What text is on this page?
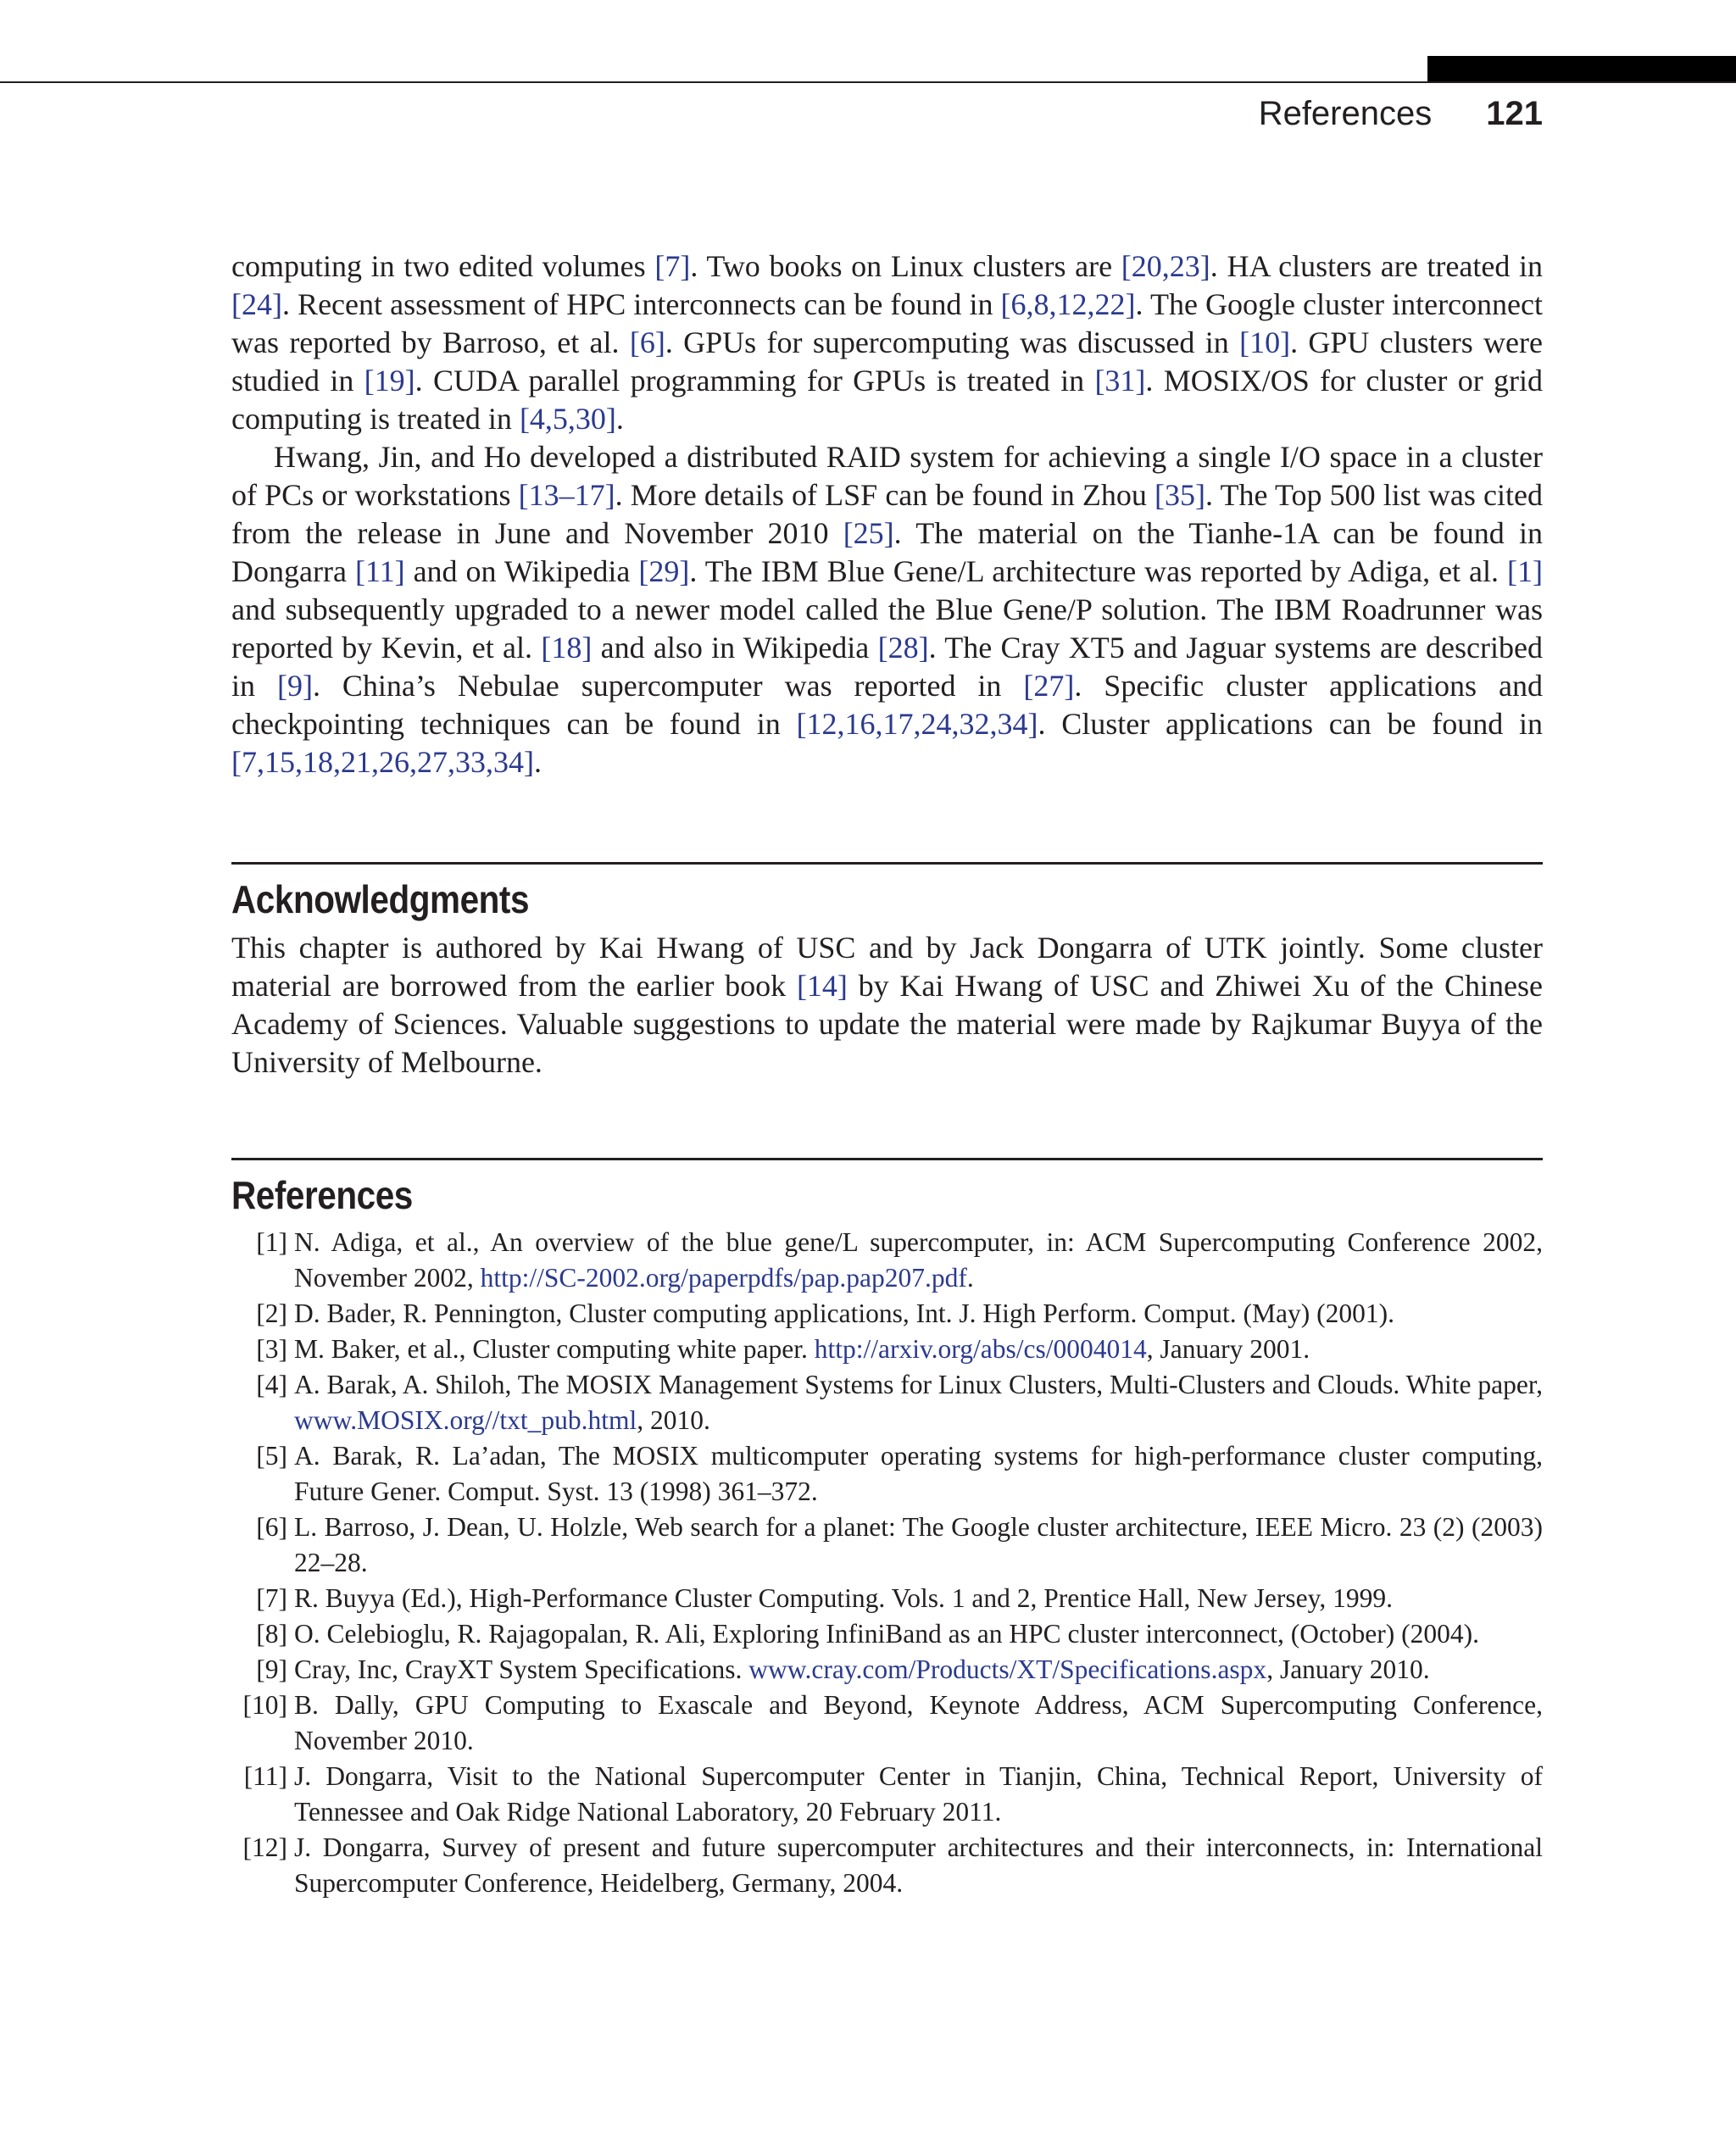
References 121

computing in two edited volumes [7]. Two books on Linux clusters are [20,23]. HA clusters are treated in [24]. Recent assessment of HPC interconnects can be found in [6,8,12,22]. The Google cluster interconnect was reported by Barroso, et al. [6]. GPUs for supercomputing was discussed in [10]. GPU clusters were studied in [19]. CUDA parallel programming for GPUs is treated in [31]. MOSIX/OS for cluster or grid computing is treated in [4,5,30].

Hwang, Jin, and Ho developed a distributed RAID system for achieving a single I/O space in a cluster of PCs or workstations [13–17]. More details of LSF can be found in Zhou [35]. The Top 500 list was cited from the release in June and November 2010 [25]. The material on the Tianhe-1A can be found in Dongarra [11] and on Wikipedia [29]. The IBM Blue Gene/L architecture was reported by Adiga, et al. [1] and subsequently upgraded to a newer model called the Blue Gene/P solution. The IBM Roadrunner was reported by Kevin, et al. [18] and also in Wikipedia [28]. The Cray XT5 and Jaguar systems are described in [9]. China’s Nebulae supercomputer was reported in [27]. Specific cluster applications and checkpointing techniques can be found in [12,16,17,24,32,34]. Cluster applications can be found in [7,15,18,21,26,27,33,34].

Acknowledgments

This chapter is authored by Kai Hwang of USC and by Jack Dongarra of UTK jointly. Some cluster material are borrowed from the earlier book [14] by Kai Hwang of USC and Zhiwei Xu of the Chinese Academy of Sciences. Valuable suggestions to update the material were made by Rajkumar Buyya of the University of Melbourne.

References
[1] N. Adiga, et al., An overview of the blue gene/L supercomputer, in: ACM Supercomputing Conference 2002, November 2002, http://SC-2002.org/paperpdfs/pap.pap207.pdf.
[2] D. Bader, R. Pennington, Cluster computing applications, Int. J. High Perform. Comput. (May) (2001).
[3] M. Baker, et al., Cluster computing white paper. http://arxiv.org/abs/cs/0004014, January 2001.
[4] A. Barak, A. Shiloh, The MOSIX Management Systems for Linux Clusters, Multi-Clusters and Clouds. White paper, www.MOSIX.org//txt_pub.html, 2010.
[5] A. Barak, R. La’adan, The MOSIX multicomputer operating systems for high-performance cluster computing, Future Gener. Comput. Syst. 13 (1998) 361–372.
[6] L. Barroso, J. Dean, U. Holzle, Web search for a planet: The Google cluster architecture, IEEE Micro. 23 (2) (2003) 22–28.
[7] R. Buyya (Ed.), High-Performance Cluster Computing. Vols. 1 and 2, Prentice Hall, New Jersey, 1999.
[8] O. Celebioglu, R. Rajagopalan, R. Ali, Exploring InfiniBand as an HPC cluster interconnect, (October) (2004).
[9] Cray, Inc, CrayXT System Specifications. www.cray.com/Products/XT/Specifications.aspx, January 2010.
[10] B. Dally, GPU Computing to Exascale and Beyond, Keynote Address, ACM Supercomputing Conference, November 2010.
[11] J. Dongarra, Visit to the National Supercomputer Center in Tianjin, China, Technical Report, University of Tennessee and Oak Ridge National Laboratory, 20 February 2011.
[12] J. Dongarra, Survey of present and future supercomputer architectures and their interconnects, in: International Supercomputer Conference, Heidelberg, Germany, 2004.
